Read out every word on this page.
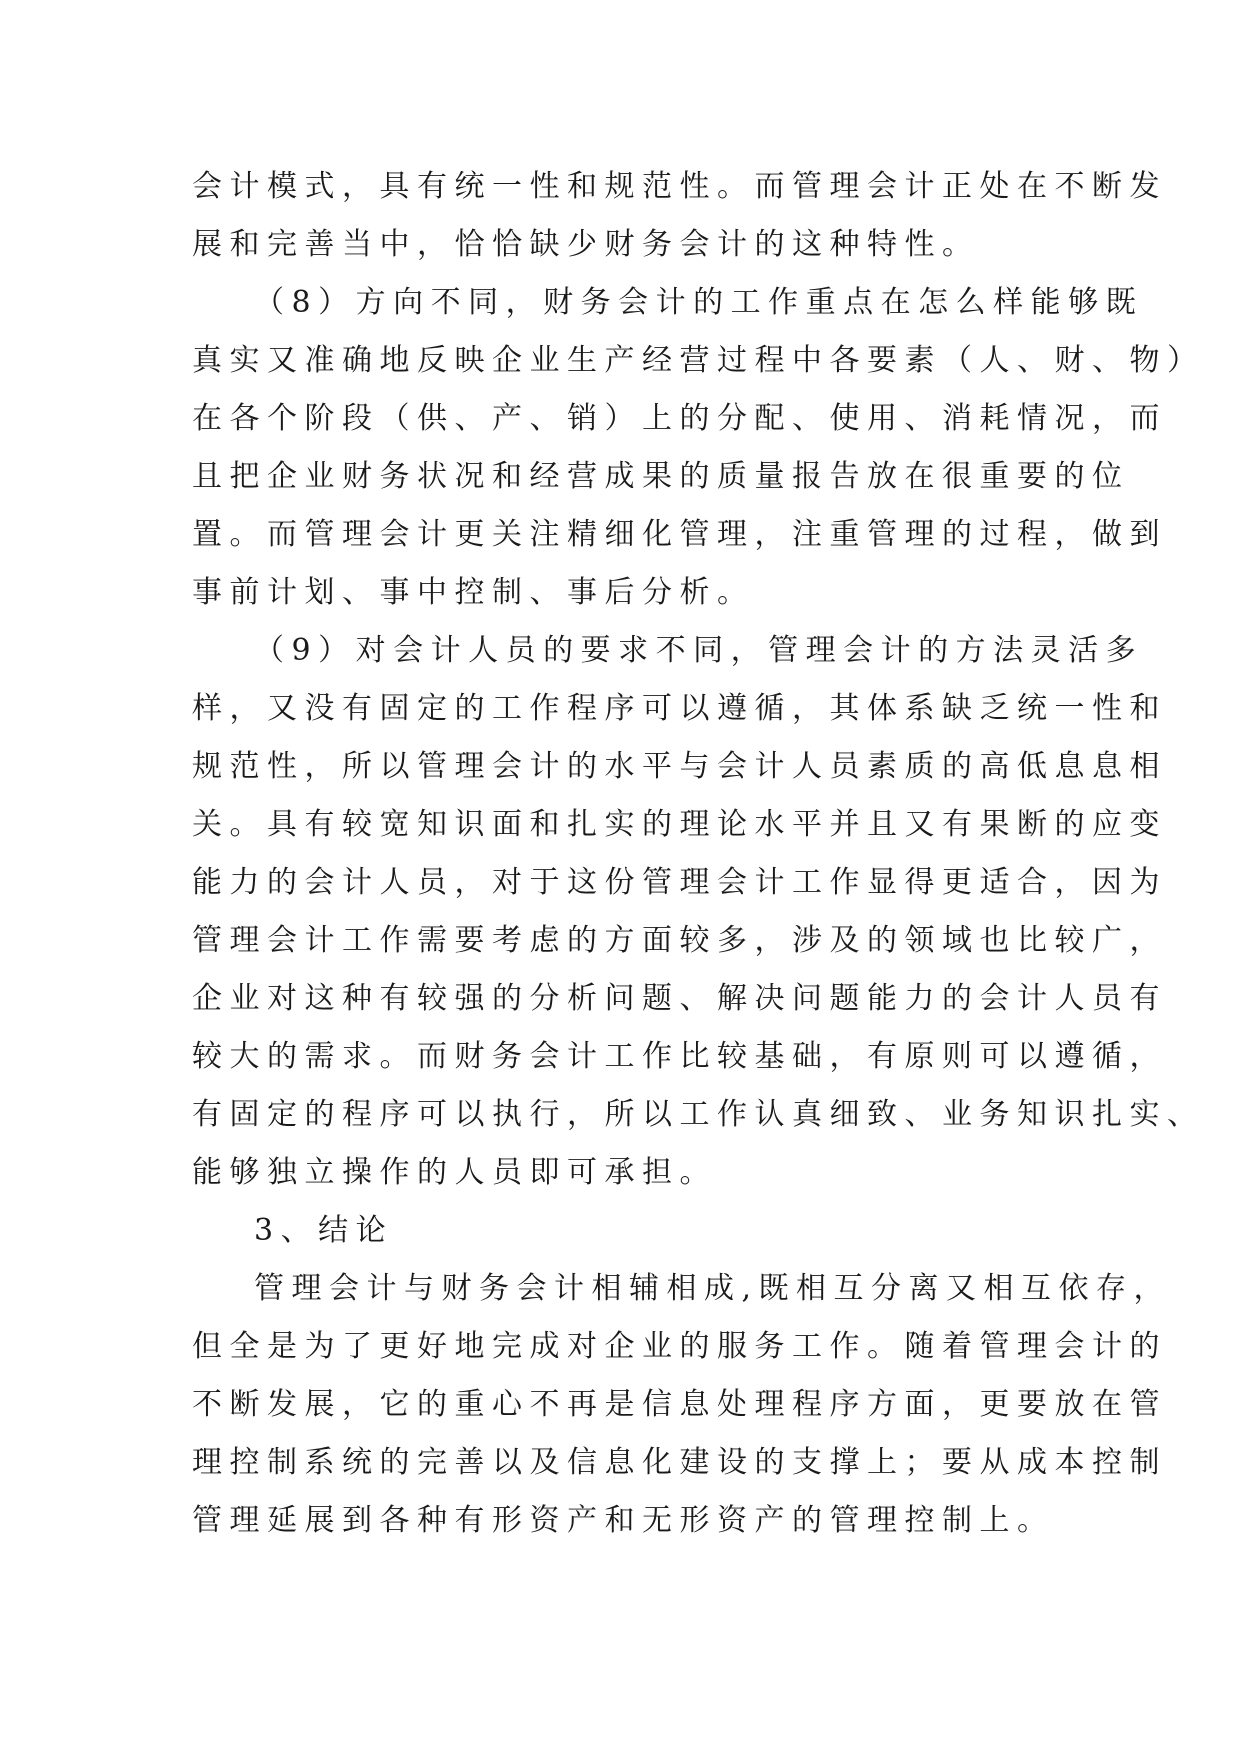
会计模式，具有统一性和规范性。而管理会计正处在不断发
展和完善当中，恰恰缺少财务会计的这种特性。
（8）方向不同，财务会计的工作重点在怎么样能够既
真实又准确地反映企业生产经营过程中各要素（人、财、物）
在各个阶段（供、产、销）上的分配、使用、消耗情况，而
且把企业财务状况和经营成果的质量报告放在很重要的位
置。而管理会计更关注精细化管理，注重管理的过程，做到
事前计划、事中控制、事后分析。
（9）对会计人员的要求不同，管理会计的方法灵活多
样，又没有固定的工作程序可以遵循，其体系缺乏统一性和
规范性，所以管理会计的水平与会计人员素质的高低息息相
关。具有较宽知识面和扎实的理论水平并且又有果断的应变
能力的会计人员，对于这份管理会计工作显得更适合，因为
管理会计工作需要考虑的方面较多，涉及的领域也比较广，
企业对这种有较强的分析问题、解决问题能力的会计人员有
较大的需求。而财务会计工作比较基础，有原则可以遵循，
有固定的程序可以执行，所以工作认真细致、业务知识扎实、
能够独立操作的人员即可承担。
3、结论
管理会计与财务会计相辅相成,既相互分离又相互依存，
但全是为了更好地完成对企业的服务工作。随着管理会计的
不断发展，它的重心不再是信息处理程序方面，更要放在管
理控制系统的完善以及信息化建设的支撑上；要从成本控制
管理延展到各种有形资产和无形资产的管理控制上。
